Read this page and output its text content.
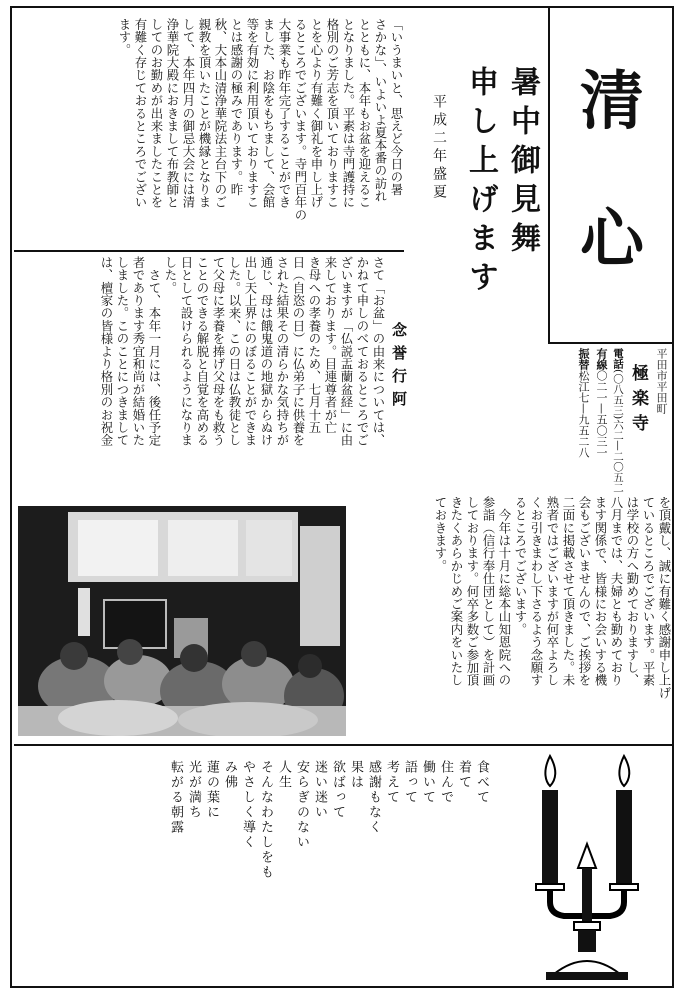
清
心
平田市平田町
極楽寺
電話(〇八五三)六二—二〇五二
有線〇二一—五〇三一
振替松江七—九五二八
暑中御見舞
申し上げます
平成二年盛夏
「いうまいと、思えど今日の暑
さかな」、いよいよ夏本番の訪れ
とともに、本年もお盆を迎えるこ
となりました。平素は寺門護持に
格別のご芳志を頂いておりますこ
とを心より有難く御礼を申し上げ
るところでございます。寺門百年の
大事業も昨年完了することができ
ました、お陰をもちまして、会館
等を有効に利用頂いておりますこ
とは感謝の極みであります。昨
秋、大本山清浄華院法主台下のご
親教を頂いたことが機縁となりま
して、本年四月の御忌大会には清
浄華院大殿におきまして布教師と
してのお勤めが出来ましたことを
有難く存じておるところでござい
ます。
念誉行阿
さて「お盆」の由来については、
かねて申しのべておるところでご
ざいますが「仏説盂蘭盆経」に由
来しております。目連尊者が亡
き母への孝養のため、七月十五
日（自恣の日）に仏弟子に供養を
された結果その清らかな気持ちが
通じ、母は餓鬼道の地獄からぬけ
出し天上界にのぼることができま
した。以来、この日は仏教徒とし
て父母に孝養を捧げ父母をも救う
ことのできる解脱と自覚を高める
日として設けられるようになりま
した。
　さて、本年一月には、後任予定
者であります秀宜和尚が結婚いた
しました。このことにつきまして
は、檀家の皆様より格別のお祝金
を頂戴し、誠に有難く感謝申し上げ
ているところでございます。平素
は学校の方へ勤めておりますし、
八月までは、夫婦とも勤めており
ます関係で、皆様にお会いする機
会もございませんので、ご挨拶を
二面に掲載させて頂きました。未
熟者ではございますが何卒よろし
くお引きまわし下さるよう念願す
るところでございます。
　今年は十月に総本山知恩院への
参詣（信行奉仕団として）を計画
しております。何卒多数ご参加頂
きたくあらかじめご案内をいたし
ておきます。
食べて
着て
住んで
働いて
語って
考えて
感謝もなく
果は
欲ばって
迷い迷い
安らぎのない
人生
そんなわたしをも
やさしく導く
み佛
蓮の葉に
光が満ち
転がる朝露
